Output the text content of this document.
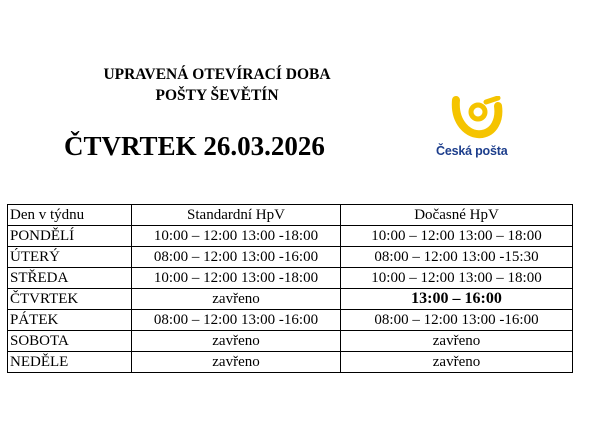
UPRAVENÁ OTEVÍRACÍ DOBA
POŠTY ŠEVĚTÍN
ČTVRTEK 26.03.2026	Česká pošta
Den v týdnu	Standardní HpV	Dočasné HpV
PONDĚLÍ	10:00 – 12:00 13:00 -18:00	10:00 – 12:00 13:00 – 18:00
ÚTERÝ	08:00 – 12:00 13:00 -16:00	08:00 – 12:00 13:00 -15:30
STŘEDA	10:00 – 12:00 13:00 -18:00	10:00 – 12:00 13:00 – 18:00
ČTVRTEK	zavřeno	13:00 – 16:00
PÁTEK	08:00 – 12:00 13:00 -16:00	08:00 – 12:00 13:00 -16:00
SOBOTA	zavřeno	zavřeno
NEDĚLE	zavřeno	zavřeno
